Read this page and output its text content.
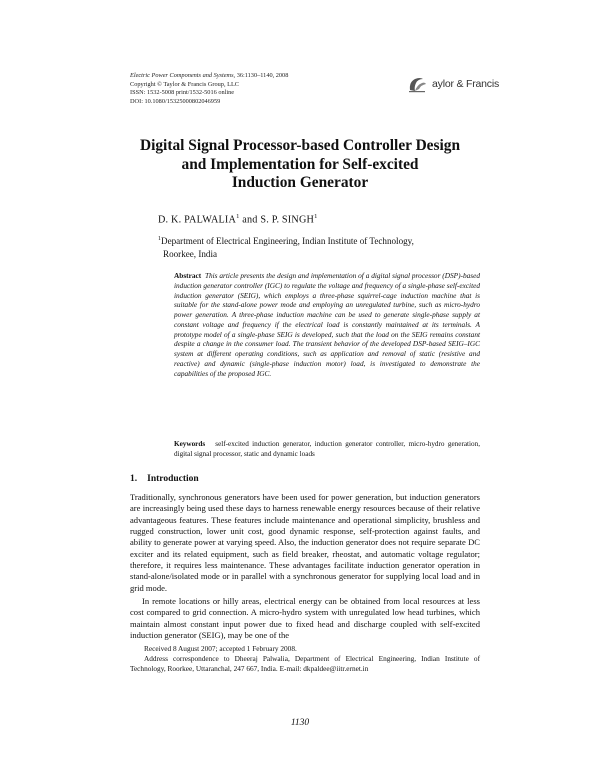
Electric Power Components and Systems, 36:1130–1140, 2008
Copyright © Taylor & Francis Group, LLC
ISSN: 1532-5008 print/1532-5016 online
DOI: 10.1080/15325000802046959
aylor & Francis
Digital Signal Processor-based Controller Design
and Implementation for Self-excited
Induction Generator
D. K. PALWALIA$^1$ and S. P. SINGH$^1$
$^1$Department of Electrical Engineering, Indian Institute of Technology,
Roorkee, India
Abstract This article presents the design and implementation of a digital signal processor (DSP)-based induction generator controller (IGC) to regulate the voltage and frequency of a single-phase self-excited induction generator (SEIG), which employs a three-phase squirrel-cage induction machine that is suitable for the stand-alone power mode and employing an unregulated turbine, such as micro-hydro power generation. A three-phase induction machine can be used to generate single-phase supply at constant voltage and frequency if the electrical load is constantly maintained at its terminals. A prototype model of a single-phase SEIG is developed, such that the load on the SEIG remains constant despite a change in the consumer load. The transient behavior of the developed DSP-based SEIG–IGC system at different operating conditions, such as application and removal of static (resistive and reactive) and dynamic (single-phase induction motor) load, is investigated to demonstrate the capabilities of the proposed IGC.
Keywords self-excited induction generator, induction generator controller, micro-hydro generation, digital signal processor, static and dynamic loads
1. Introduction

Traditionally, synchronous generators have been used for power generation, but induction generators are increasingly being used these days to harness renewable energy resources because of their relative advantageous features. These features include maintenance and operational simplicity, brushless and rugged construction, lower unit cost, good dynamic response, self-protection against faults, and ability to generate power at varying speed. Also, the induction generator does not require separate DC exciter and its related equipment, such as field breaker, rheostat, and automatic voltage regulator; therefore, it requires less maintenance. These advantages facilitate induction generator operation in stand-alone/isolated mode or in parallel with a synchronous generator for supplying local load and in grid mode.

In remote locations or hilly areas, electrical energy can be obtained from local resources at less cost compared to grid connection. A micro-hydro system with unregulated low head turbines, which maintain almost constant input power due to fixed head and discharge coupled with self-excited induction generator (SEIG), may be one of the

Received 8 August 2007; accepted 1 February 2008.
Address correspondence to Dheeraj Palwalia, Department of Electrical Engineering, Indian Institute of Technology, Roorkee, Uttaranchal, 247 667, India. E-mail: dkpaldee@iitr.ernet.in
1130
